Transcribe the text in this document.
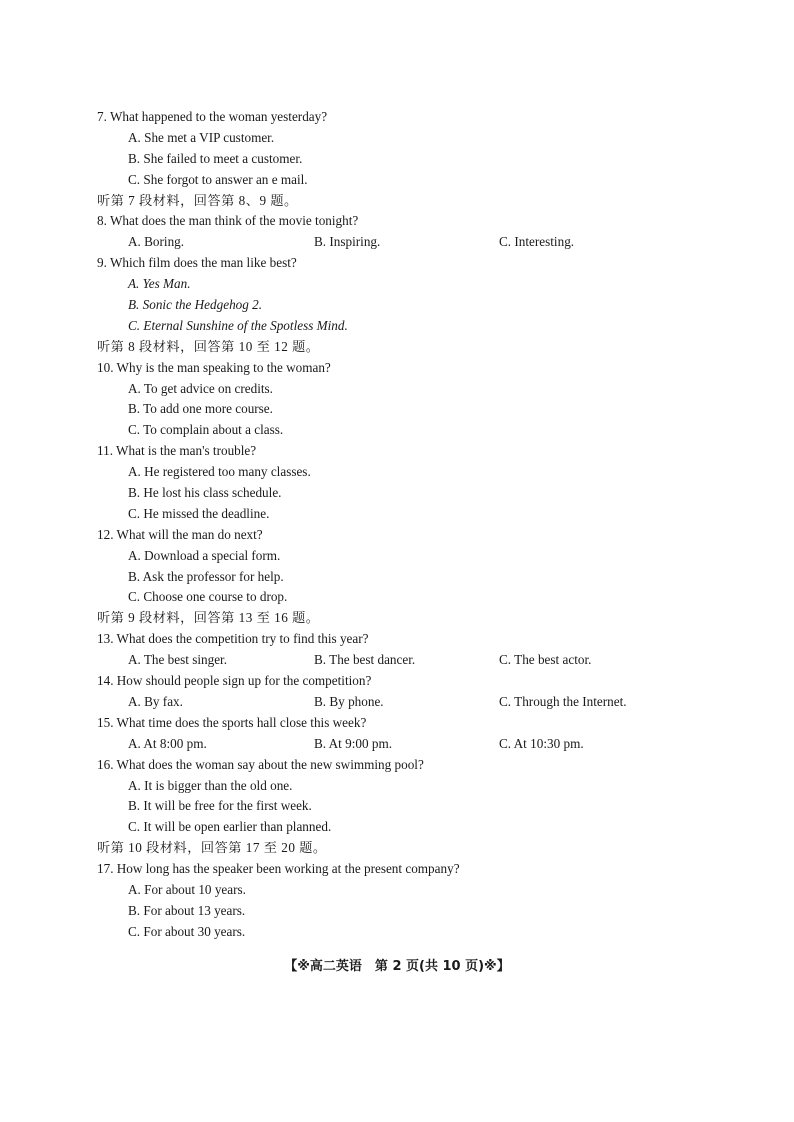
7. What happened to the woman yesterday?
A. She met a VIP customer.
B. She failed to meet a customer.
C. She forgot to answer an e mail.
听第 7 段材料，回答第 8、9 题。
8. What does the man think of the movie tonight?
A. Boring.	B. Inspiring.	C. Interesting.
9. Which film does the man like best?
A. Yes Man.
B. Sonic the Hedgehog 2.
C. Eternal Sunshine of the Spotless Mind.
听第 8 段材料，回答第 10 至 12 题。
10. Why is the man speaking to the woman?
A. To get advice on credits.
B. To add one more course.
C. To complain about a class.
11. What is the man's trouble?
A. He registered too many classes.
B. He lost his class schedule.
C. He missed the deadline.
12. What will the man do next?
A. Download a special form.
B. Ask the professor for help.
C. Choose one course to drop.
听第 9 段材料，回答第 13 至 16 题。
13. What does the competition try to find this year?
A. The best singer.	B. The best dancer.	C. The best actor.
14. How should people sign up for the competition?
A. By fax.	B. By phone.	C. Through the Internet.
15. What time does the sports hall close this week?
A. At 8:00 pm.	B. At 9:00 pm.	C. At 10:30 pm.
16. What does the woman say about the new swimming pool?
A. It is bigger than the old one.
B. It will be free for the first week.
C. It will be open earlier than planned.
听第 10 段材料，回答第 17 至 20 题。
17. How long has the speaker been working at the present company?
A. For about 10 years.
B. For about 13 years.
C. For about 30 years.
【※高二英语　第 2 页(共 10 页)※】
